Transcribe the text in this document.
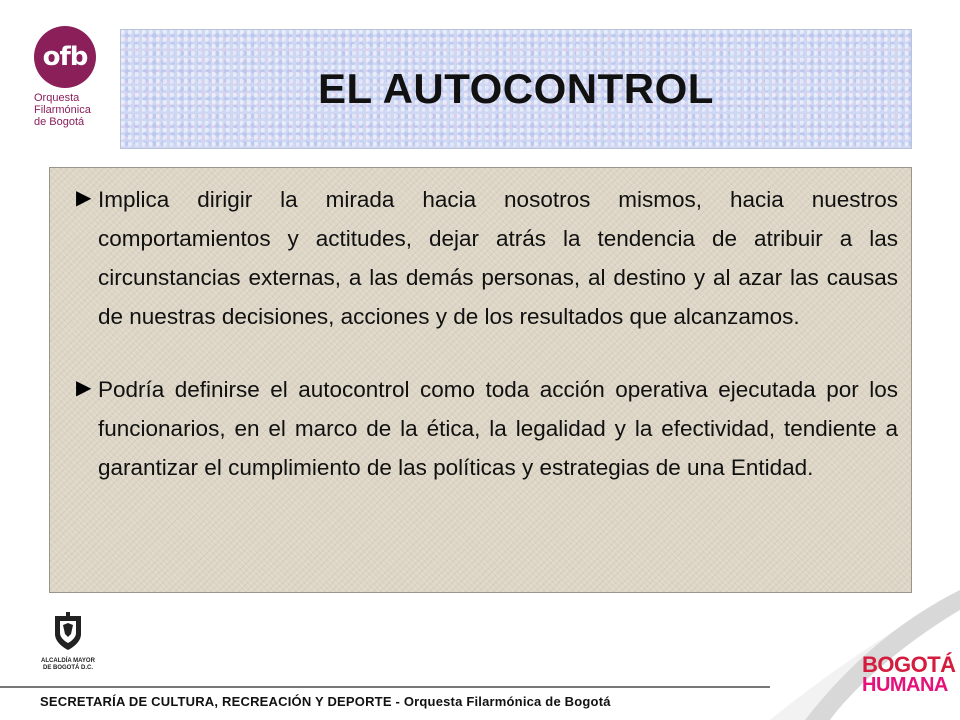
ofb
Orquesta
Filarmónica
de Bogotá
EL AUTOCONTROL
▶ Implica dirigir la mirada hacia nosotros mismos, hacia nuestros comportamientos y actitudes, dejar atrás la tendencia de atribuir a las circunstancias externas, a las demás personas, al destino y al azar las causas de nuestras decisiones, acciones y de los resultados que alcanzamos.
▶ Podría definirse el autocontrol como toda acción operativa ejecutada por los funcionarios, en el marco de la ética, la legalidad y la efectividad, tendiente a garantizar el cumplimiento de las políticas y estrategias de una Entidad.
ALCALDÍA MAYOR
DE BOGOTÁ D.C.
SECRETARÍA DE CULTURA, RECREACIÓN Y DEPORTE - Orquesta Filarmónica de Bogotá
BOGOTÁ
HUMANA
